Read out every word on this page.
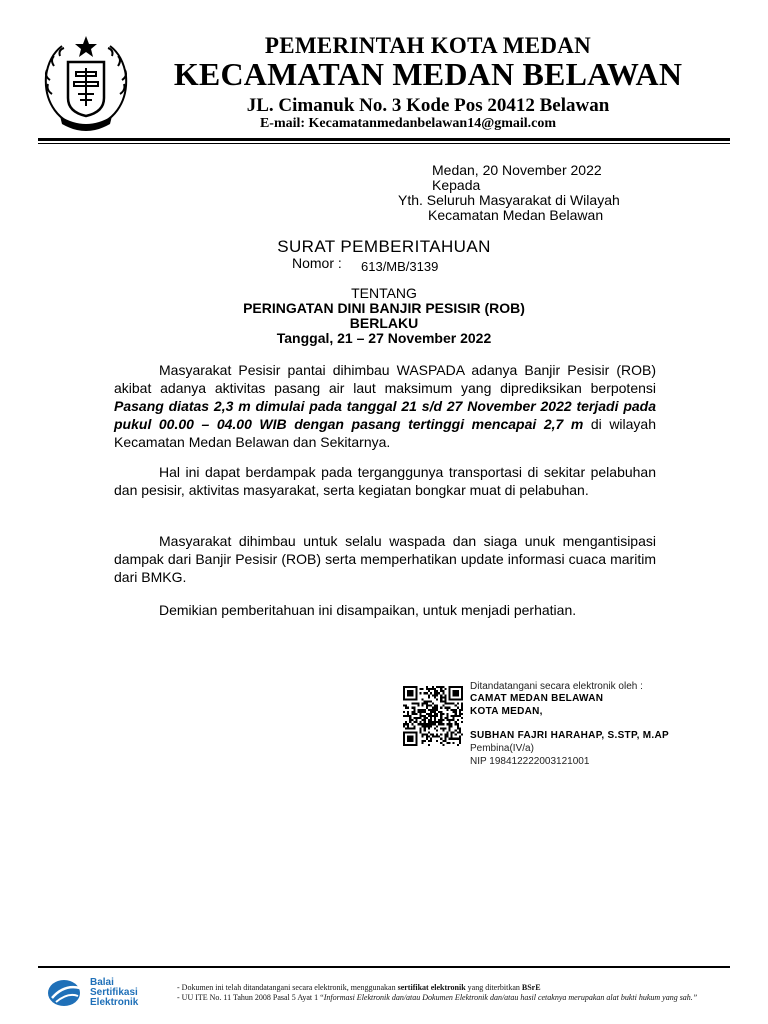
PEMERINTAH KOTA MEDAN
KECAMATAN MEDAN BELAWAN
JL. Cimanuk No. 3 Kode Pos 20412 Belawan
E-mail: Kecamatanmedanbelawan14@gmail.com
Medan, 20 November 2022
Kepada
Yth. Seluruh Masyarakat di Wilayah
Kecamatan Medan Belawan
SURAT PEMBERITAHUAN
Nomor : 613/MB/3139
TENTANG
PERINGATAN DINI BANJIR PESISIR (ROB)
BERLAKU
Tanggal, 21 – 27 November 2022
Masyarakat Pesisir pantai dihimbau WASPADA adanya Banjir Pesisir (ROB) akibat adanya aktivitas pasang air laut maksimum yang diprediksikan berpotensi Pasang diatas 2,3 m dimulai pada tanggal 21 s/d 27 November 2022 terjadi pada pukul 00.00 – 04.00 WIB dengan pasang tertinggi mencapai 2,7 m di wilayah Kecamatan Medan Belawan dan Sekitarnya.
Hal ini dapat berdampak pada terganggunya transportasi di sekitar pelabuhan dan pesisir, aktivitas masyarakat, serta kegiatan bongkar muat di pelabuhan.
Masyarakat dihimbau untuk selalu waspada dan siaga unuk mengantisipasi dampak dari Banjir Pesisir (ROB) serta memperhatikan update informasi cuaca maritim dari BMKG.
Demikian pemberitahuan ini disampaikan, untuk menjadi perhatian.
Ditandatangani secara elektronik oleh :
CAMAT MEDAN BELAWAN
KOTA MEDAN,
SUBHAN FAJRI HARAHAP, S.STP, M.AP
Pembina(IV/a)
NIP 198412222003121001
Balai
Sertifikasi
Elektronik
- Dokumen ini telah ditandatangani secara elektronik, menggunakan sertifikat elektronik yang diterbitkan BSrE
- UU ITE No. 11 Tahun 2008 Pasal 5 Ayat 1 “Informasi Elektronik dan/atau Dokumen Elektronik dan/atau hasil cetaknya merupakan alat bukti hukum yang sah.”
